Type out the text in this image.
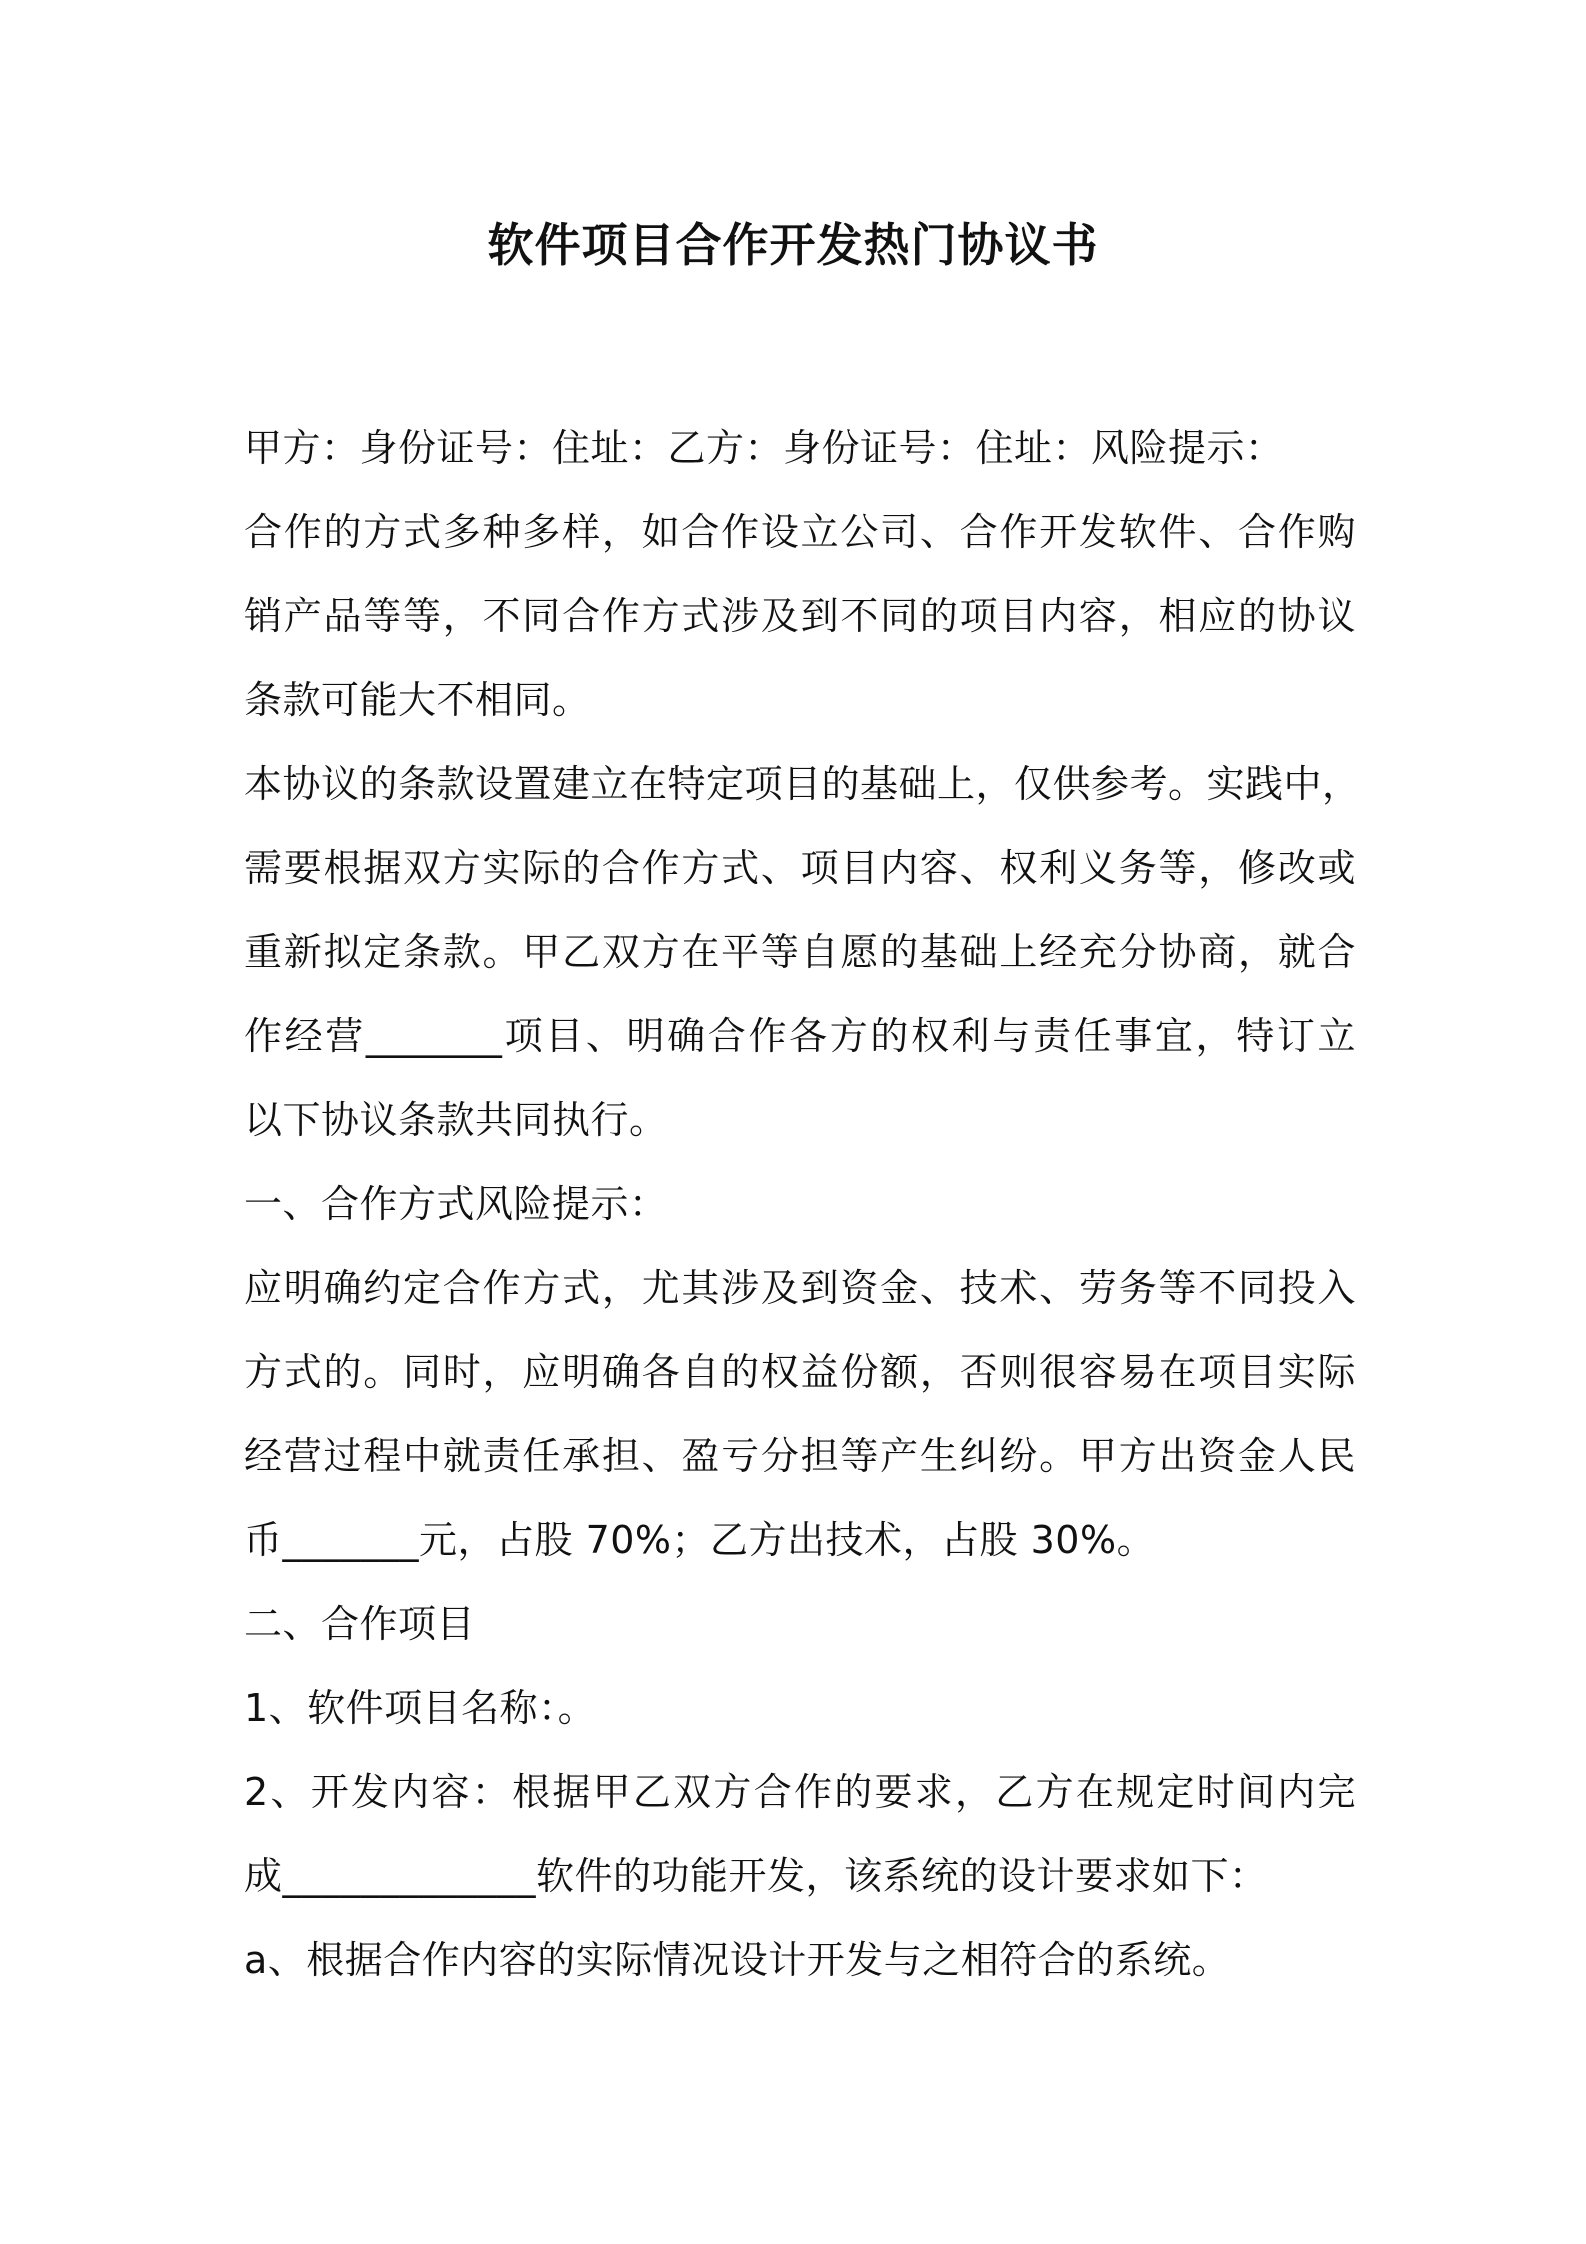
软件项目合作开发热门协议书
甲方：身份证号：住址：乙方：身份证号：住址：风险提示：
合作的方式多种多样，如合作设立公司、合作开发软件、合作购
销产品等等，不同合作方式涉及到不同的项目内容，相应的协议
条款可能大不相同。
本协议的条款设置建立在特定项目的基础上，仅供参考。实践中，
需要根据双方实际的合作方式、项目内容、权利义务等，修改或
重新拟定条款。甲乙双方在平等自愿的基础上经充分协商，就合
作经营_______项目、明确合作各方的权利与责任事宜，特订立
以下协议条款共同执行。
一、合作方式风险提示：
应明确约定合作方式，尤其涉及到资金、技术、劳务等不同投入
方式的。同时，应明确各自的权益份额，否则很容易在项目实际
经营过程中就责任承担、盈亏分担等产生纠纷。甲方出资金人民
币_______元，占股 70%；乙方出技术，占股 30%。
二、合作项目
1、软件项目名称：。
2、开发内容：根据甲乙双方合作的要求，乙方在规定时间内完
成_____________软件的功能开发，该系统的设计要求如下：
a、根据合作内容的实际情况设计开发与之相符合的系统。
